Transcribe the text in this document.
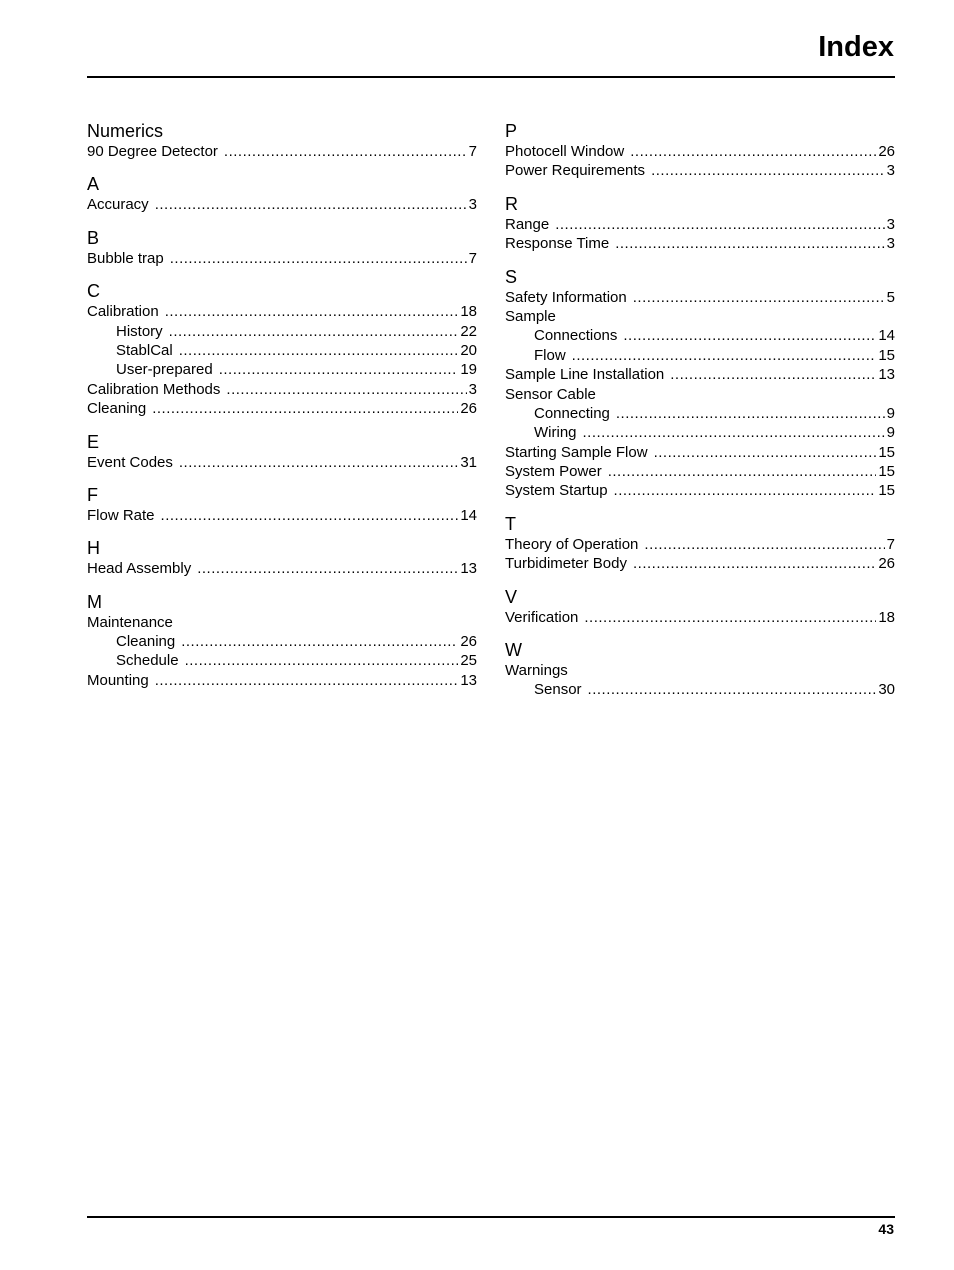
Index
Numerics
90 Degree Detector .....	7
A
Accuracy .....	3
B
Bubble trap .....	7
C
Calibration .....	18
History .....	22
StablCal .....	20
User-prepared .....	19
Calibration Methods .....	3
Cleaning .....	26
E
Event Codes .....	31
F
Flow Rate .....	14
H
Head Assembly .....	13
M
Maintenance
Cleaning .....	26
Schedule .....	25
Mounting .....	13
P
Photocell Window .....	26
Power Requirements .....	3
R
Range .....	3
Response Time .....	3
S
Safety Information .....	5
Sample
Connections .....	14
Flow .....	15
Sample Line Installation .....	13
Sensor Cable
Connecting .....	9
Wiring .....	9
Starting Sample Flow .....	15
System Power .....	15
System Startup .....	15
T
Theory of Operation .....	7
Turbidimeter Body .....	26
V
Verification .....	18
W
Warnings
Sensor .....	30
43
